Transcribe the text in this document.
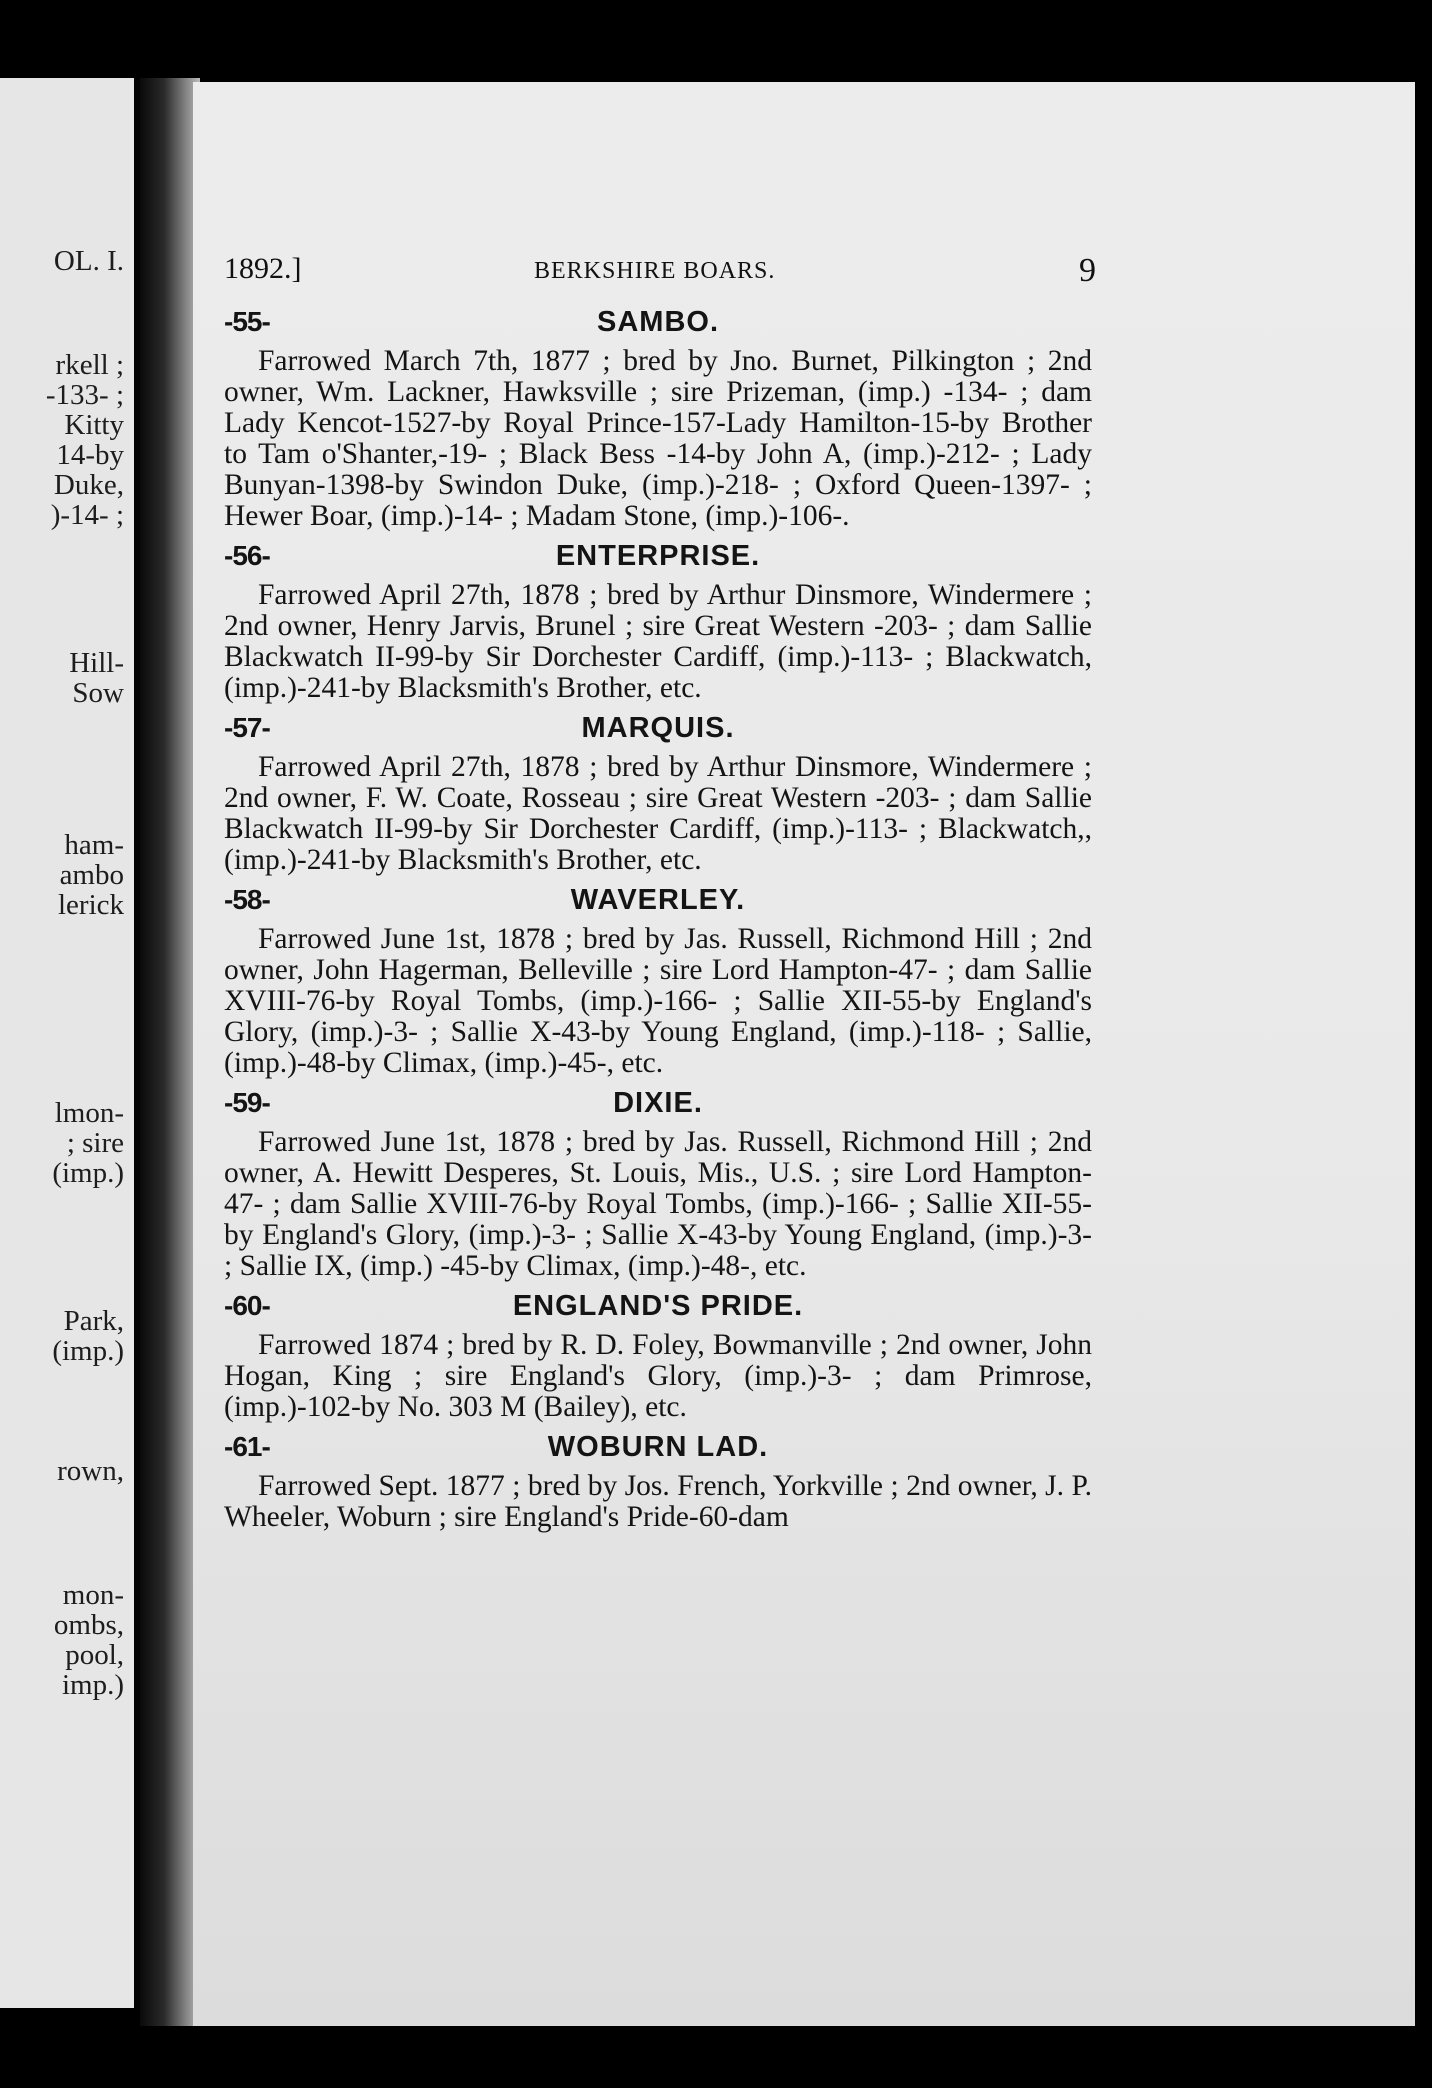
OL. I.
rkell ;
-133- ;
Kitty
14-by
Duke,
)-14- ;
Hill-
Sow
ham-
ambo
lerick
lmon-
; sire
(imp.)
Park,
(imp.)
rown,
mon-
ombs,
pool,
imp.)
1892.]	BERKSHIRE BOARS.	9
-55-	SAMBO.

Farrowed March 7th, 1877 ; bred by Jno. Burnet, Pilkington ; 2nd owner, Wm. Lackner, Hawksville ; sire Prizeman, (imp.) -134- ; dam Lady Kencot-1527-by Royal Prince-157-Lady Hamilton-15-by Brother to Tam o'Shanter,-19- ; Black Bess -14-by John A, (imp.)-212- ; Lady Bunyan-1398-by Swindon Duke, (imp.)-218- ; Oxford Queen-1397- ; Hewer Boar, (imp.)-14- ; Madam Stone, (imp.)-106-.

-56-	ENTERPRISE.

Farrowed April 27th, 1878 ; bred by Arthur Dinsmore, Windermere ; 2nd owner, Henry Jarvis, Brunel ; sire Great Western -203- ; dam Sallie Blackwatch II-99-by Sir Dorchester Cardiff, (imp.)-113- ; Blackwatch, (imp.)-241-by Blacksmith's Brother, etc.

-57-	MARQUIS.

Farrowed April 27th, 1878 ; bred by Arthur Dinsmore, Windermere ; 2nd owner, F. W. Coate, Rosseau ; sire Great Western -203- ; dam Sallie Blackwatch II-99-by Sir Dorchester Cardiff, (imp.)-113- ; Blackwatch,, (imp.)-241-by Blacksmith's Brother, etc.

-58-	WAVERLEY.

Farrowed June 1st, 1878 ; bred by Jas. Russell, Richmond Hill ; 2nd owner, John Hagerman, Belleville ; sire Lord Hampton-47- ; dam Sallie XVIII-76-by Royal Tombs, (imp.)-166- ; Sallie XII-55-by England's Glory, (imp.)-3- ; Sallie X-43-by Young England, (imp.)-118- ; Sallie, (imp.)-48-by Climax, (imp.)-45-, etc.

-59-	DIXIE.

Farrowed June 1st, 1878 ; bred by Jas. Russell, Richmond Hill ; 2nd owner, A. Hewitt Desperes, St. Louis, Mis., U.S. ; sire Lord Hampton-47- ; dam Sallie XVIII-76-by Royal Tombs, (imp.)-166- ; Sallie XII-55-by England's Glory, (imp.)-3- ; Sallie X-43-by Young England, (imp.)-3- ; Sallie IX, (imp.) -45-by Climax, (imp.)-48-, etc.

-60-	ENGLAND'S PRIDE.

Farrowed 1874 ; bred by R. D. Foley, Bowmanville ; 2nd owner, John Hogan, King ; sire England's Glory, (imp.)-3- ; dam Primrose, (imp.)-102-by No. 303 M (Bailey), etc.

-61-	WOBURN LAD.

Farrowed Sept. 1877 ; bred by Jos. French, Yorkville ; 2nd owner, J. P. Wheeler, Woburn ; sire England's Pride-60-dam
